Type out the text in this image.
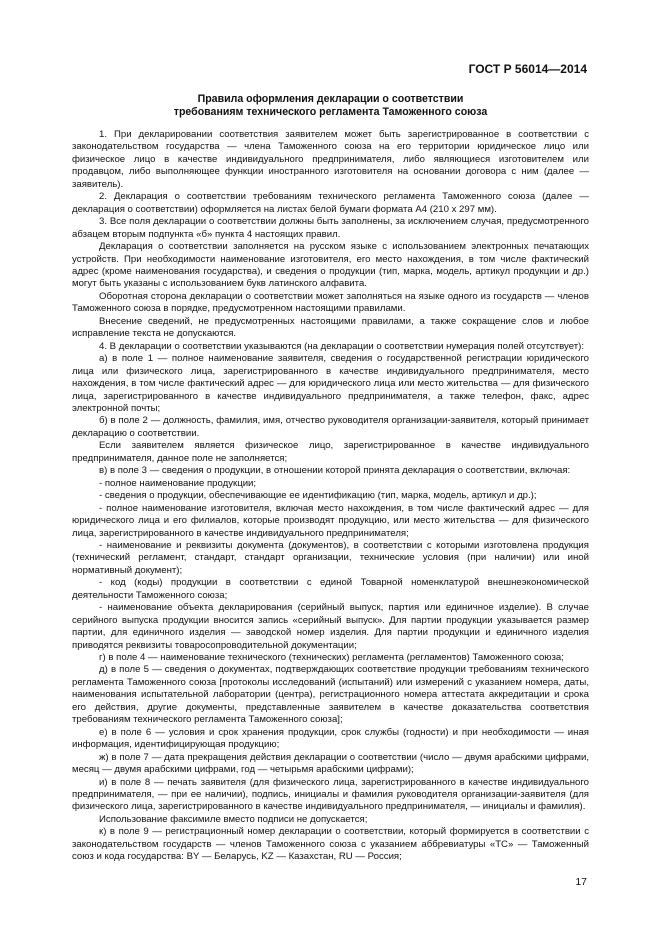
ГОСТ Р 56014—2014
Правила оформления декларации о соответствии
требованиям технического регламента Таможенного союза

1. При декларировании соответствия заявителем может быть зарегистрированное в соответствии с законодательством государства — члена Таможенного союза на его территории юридическое лицо или физическое лицо в качестве индивидуального предпринимателя, либо являющиеся изготовителем или продавцом, либо выполняющее функции иностранного изготовителя на основании договора с ним (далее — заявитель).

2. Декларация о соответствии требованиям технического регламента Таможенного союза (далее — декларация о соответствии) оформляется на листах белой бумаги формата А4 (210 x 297 мм).

3. Все поля декларации о соответствии должны быть заполнены, за исключением случая, предусмотренного абзацем вторым подпункта «б» пункта 4 настоящих правил.

Декларация о соответствии заполняется на русском языке с использованием электронных печатающих устройств. При необходимости наименование изготовителя, его место нахождения, в том числе фактический адрес (кроме наименования государства), и сведения о продукции (тип, марка, модель, артикул продукции и др.) могут быть указаны с использованием букв латинского алфавита.

Оборотная сторона декларации о соответствии может заполняться на языке одного из государств — членов Таможенного союза в порядке, предусмотренном настоящими правилами.

Внесение сведений, не предусмотренных настоящими правилами, а также сокращение слов и любое исправление текста не допускаются.

4. В декларации о соответствии указываются (на декларации о соответствии нумерация полей отсутствует):

а) в поле 1 — полное наименование заявителя, сведения о государственной регистрации юридического лица или физического лица, зарегистрированного в качестве индивидуального предпринимателя, место нахождения, в том числе фактический адрес — для юридического лица или место жительства — для физического лица, зарегистрированного в качестве индивидуального предпринимателя, а также телефон, факс, адрес электронной почты;

б) в поле 2 — должность, фамилия, имя, отчество руководителя организации-заявителя, который принимает декларацию о соответствии.

Если заявителем является физическое лицо, зарегистрированное в качестве индивидуального предпринимателя, данное поле не заполняется;

в) в поле 3 — сведения о продукции, в отношении которой принята декларация о соответствии, включая:

- полное наименование продукции;

- сведения о продукции, обеспечивающие ее идентификацию (тип, марка, модель, артикул и др.);

- полное наименование изготовителя, включая место нахождения, в том числе фактический адрес — для юридического лица и его филиалов, которые производят продукцию, или место жительства — для физического лица, зарегистрированного в качестве индивидуального предпринимателя;

- наименование и реквизиты документа (документов), в соответствии с которыми изготовлена продукция (технический регламент, стандарт, стандарт организации, технические условия (при наличии) или иной нормативный документ);

- код (коды) продукции в соответствии с единой Товарной номенклатурой внешнеэкономической деятельности Таможенного союза;

- наименование объекта декларирования (серийный выпуск, партия или единичное изделие). В случае серийного выпуска продукции вносится запись «серийный выпуск». Для партии продукции указывается размер партии, для единичного изделия — заводской номер изделия. Для партии продукции и единичного изделия приводятся реквизиты товаросопроводительной документации;

г) в поле 4 — наименование технического (технических) регламента (регламентов) Таможенного союза;

д) в поле 5 — сведения о документах, подтверждающих соответствие продукции требованиям технического регламента Таможенного союза [протоколы исследований (испытаний) или измерений с указанием номера, даты, наименования испытательной лаборатории (центра), регистрационного номера аттестата аккредитации и срока его действия, другие документы, представленные заявителем в качестве доказательства соответствия требованиям технического регламента Таможенного союза];

е) в поле 6 — условия и срок хранения продукции, срок службы (годности) и при необходимости — иная информация, идентифицирующая продукцию;

ж) в поле 7 — дата прекращения действия декларации о соответствии (число — двумя арабскими цифрами, месяц — двумя арабскими цифрами, год — четырьмя арабскими цифрами);

и) в поле 8 — печать заявителя (для физического лица, зарегистрированного в качестве индивидуального предпринимателя, — при ее наличии), подпись, инициалы и фамилия руководителя организации-заявителя (для физического лица, зарегистрированного в качестве индивидуального предпринимателя, — инициалы и фамилия).

Использование факсимиле вместо подписи не допускается;

к) в поле 9 — регистрационный номер декларации о соответствии, который формируется в соответствии с законодательством государств — членов Таможенного союза с указанием аббревиатуры «ТС» — Таможенный союз и кода государства: BY — Беларусь, KZ — Казахстан, RU — Россия;

17
